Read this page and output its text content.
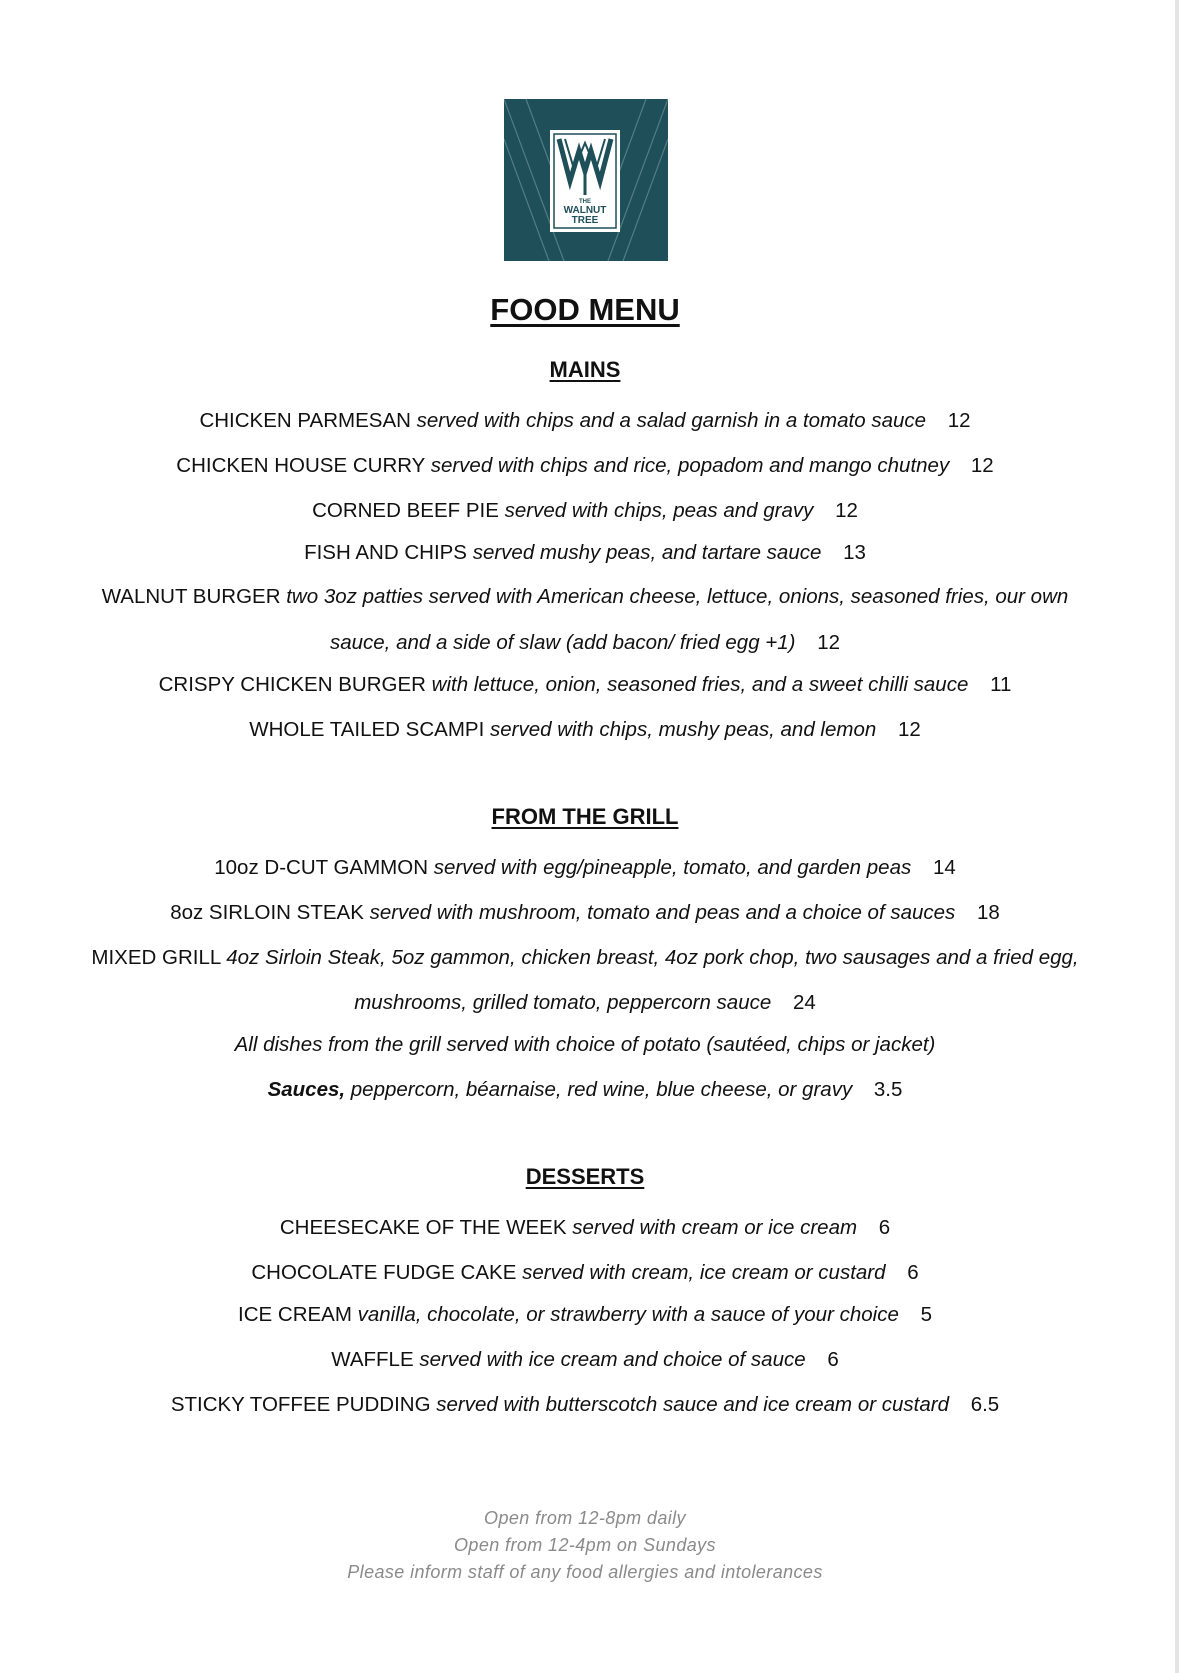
THE
WALNUT
TREE
FOOD MENU
MAINS
CHICKEN PARMESAN served with chips and a salad garnish in a tomato sauce 12
CHICKEN HOUSE CURRY served with chips and rice, popadom and mango chutney 12
CORNED BEEF PIE served with chips, peas and gravy 12
FISH AND CHIPS served mushy peas, and tartare sauce 13
WALNUT BURGER two 3oz patties served with American cheese, lettuce, onions, seasoned fries, our own
sauce, and a side of slaw (add bacon/ fried egg +1) 12
CRISPY CHICKEN BURGER with lettuce, onion, seasoned fries, and a sweet chilli sauce 11
WHOLE TAILED SCAMPI served with chips, mushy peas, and lemon 12
FROM THE GRILL
10oz D-CUT GAMMON served with egg/pineapple, tomato, and garden peas 14
8oz SIRLOIN STEAK served with mushroom, tomato and peas and a choice of sauces 18
MIXED GRILL 4oz Sirloin Steak, 5oz gammon, chicken breast, 4oz pork chop, two sausages and a fried egg,
mushrooms, grilled tomato, peppercorn sauce 24
All dishes from the grill served with choice of potato (sautéed, chips or jacket)
Sauces, peppercorn, béarnaise, red wine, blue cheese, or gravy 3.5
DESSERTS
CHEESECAKE OF THE WEEK served with cream or ice cream 6
CHOCOLATE FUDGE CAKE served with cream, ice cream or custard 6
ICE CREAM vanilla, chocolate, or strawberry with a sauce of your choice 5
WAFFLE served with ice cream and choice of sauce 6
STICKY TOFFEE PUDDING served with butterscotch sauce and ice cream or custard 6.5
Open from 12-8pm daily
Open from 12-4pm on Sundays
Please inform staff of any food allergies and intolerances
